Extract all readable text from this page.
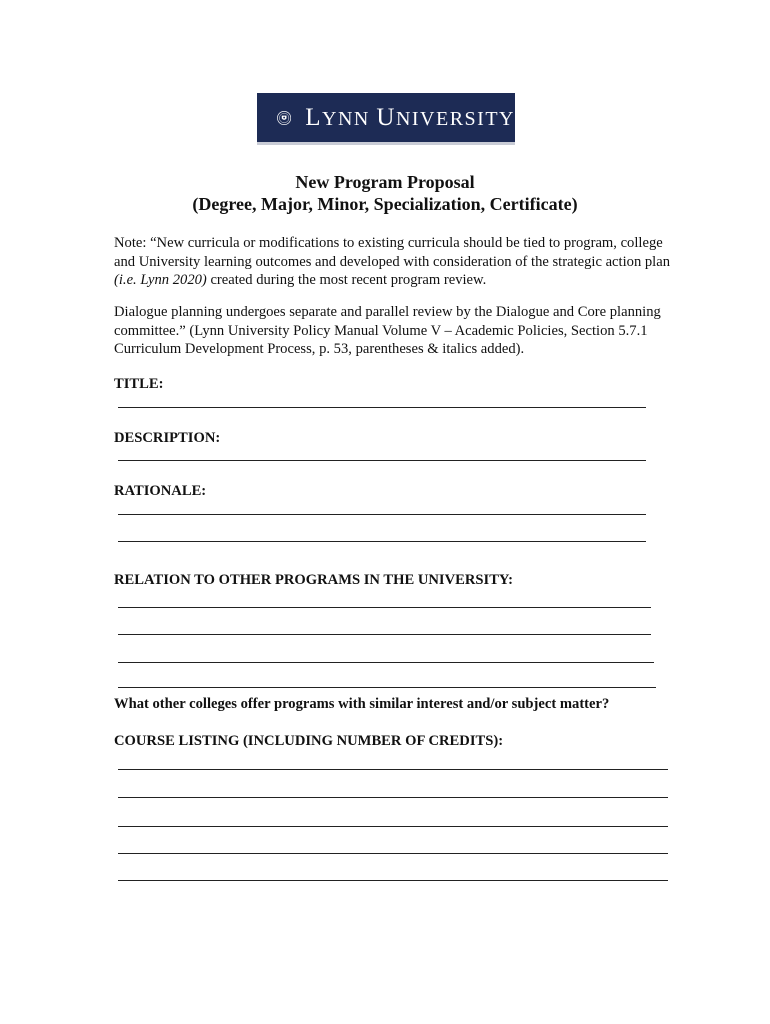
LYNN UNIVERSITY
New Program Proposal
(Degree, Major, Minor, Specialization, Certificate)

Note: “New curricula or modifications to existing curricula should be tied to program, college and University learning outcomes and developed with consideration of the strategic action plan (i.e. Lynn 2020) created during the most recent program review.

Dialogue planning undergoes separate and parallel review by the Dialogue and Core planning committee.” (Lynn University Policy Manual Volume V – Academic Policies, Section 5.7.1 Curriculum Development Process, p. 53, parentheses & italics added).

TITLE:
DESCRIPTION:
RATIONALE:
RELATION TO OTHER PROGRAMS IN THE UNIVERSITY:
What other colleges offer programs with similar interest and/or subject matter?
COURSE LISTING (INCLUDING NUMBER OF CREDITS):
